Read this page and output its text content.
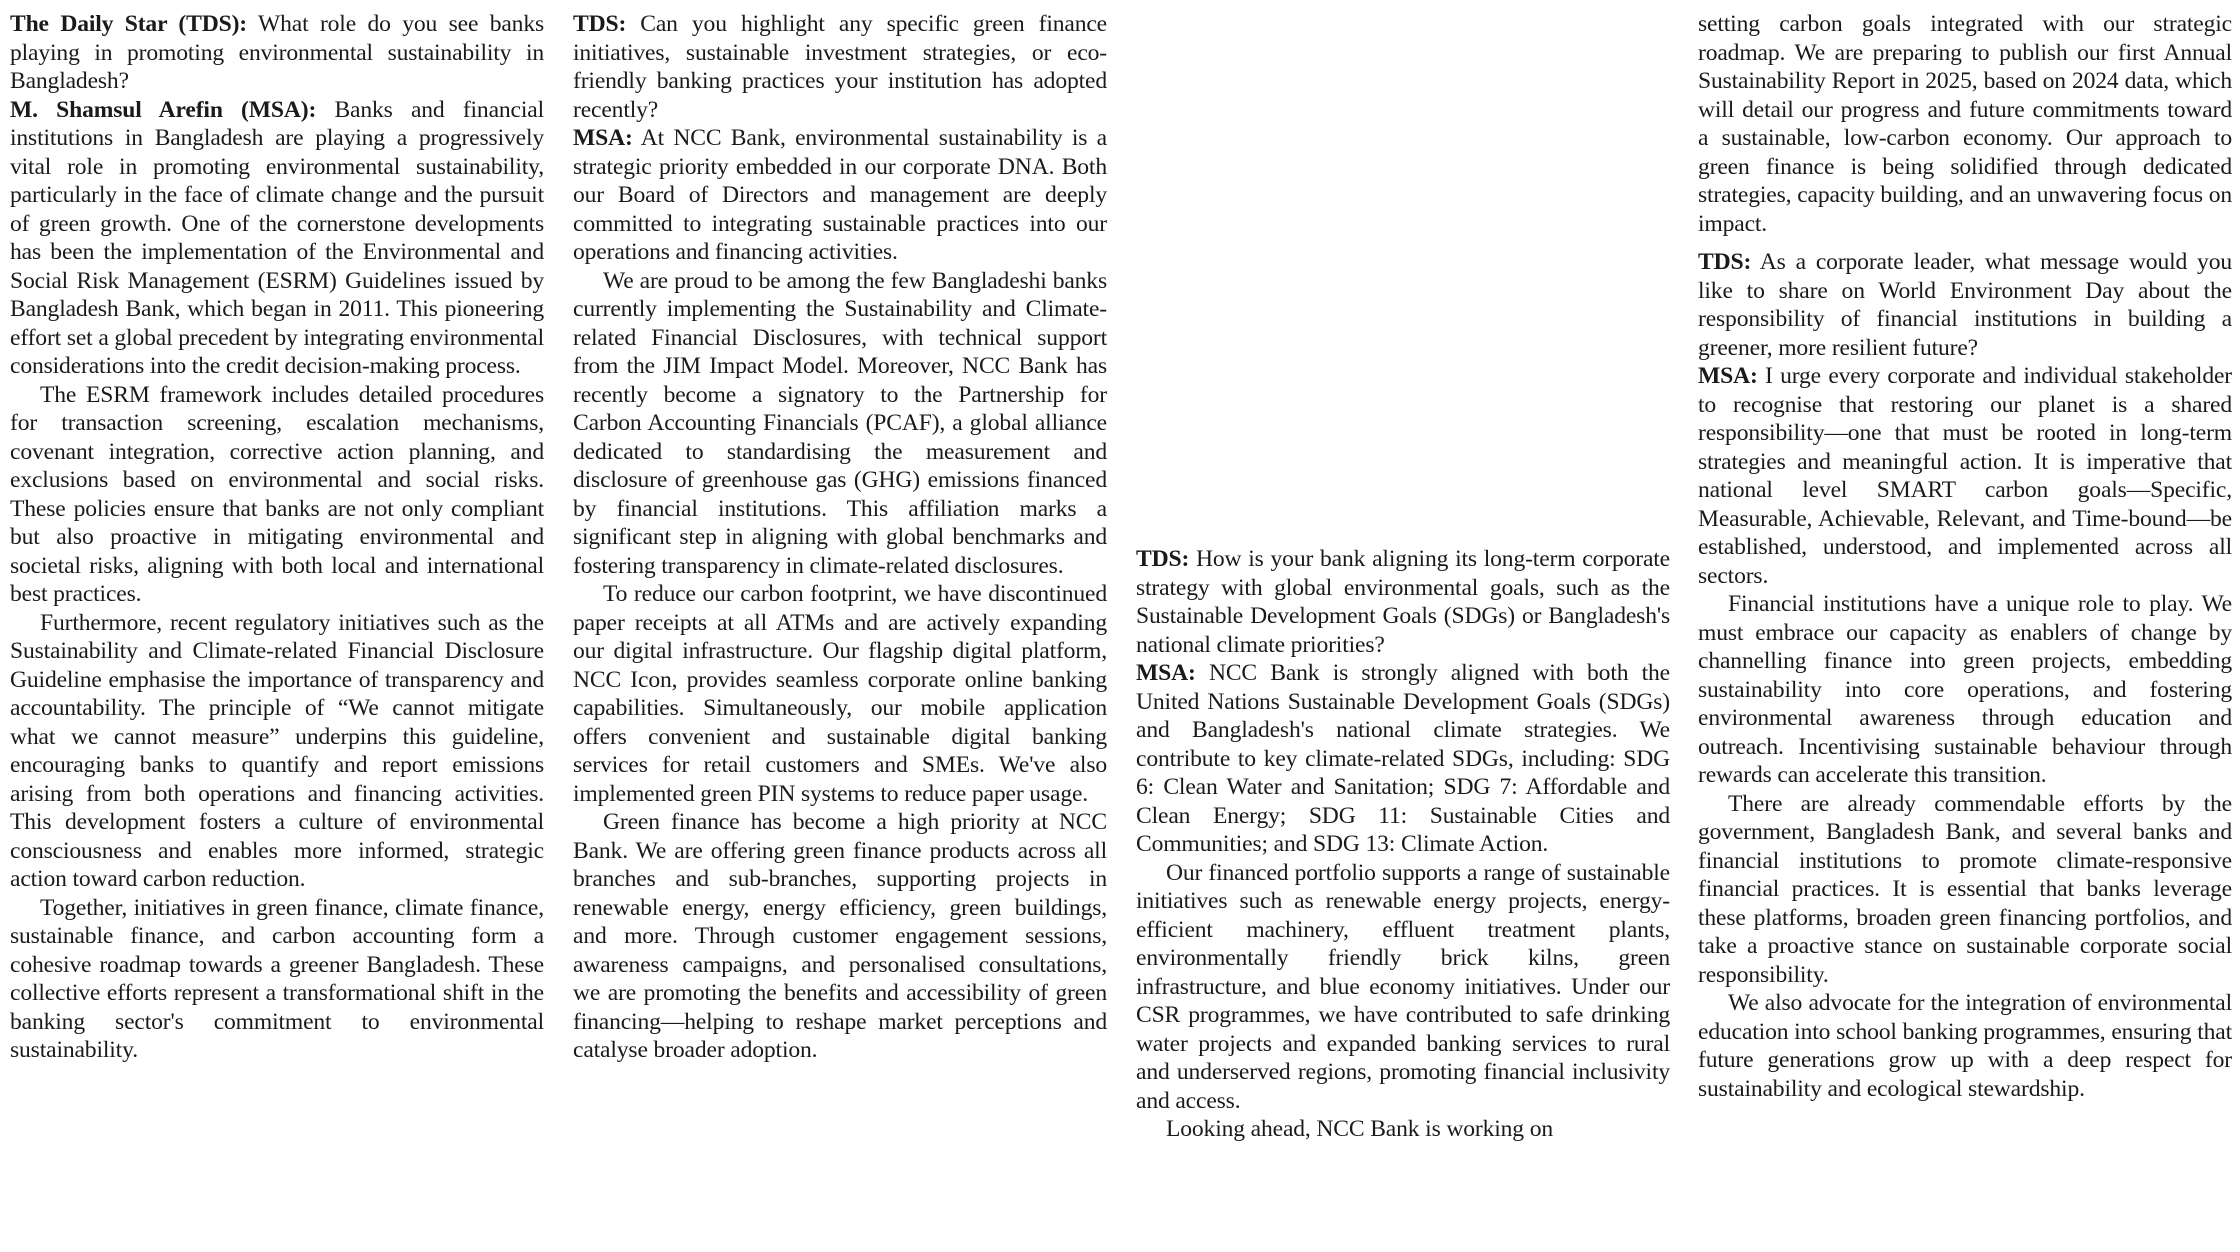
The Daily Star (TDS): What role do you see banks playing in promoting environmental sustainability in Bangladesh?

M. Shamsul Arefin (MSA): Banks and financial institutions in Bangladesh are playing a progressively vital role in promoting environmental sustainability, particularly in the face of climate change and the pursuit of green growth. One of the cornerstone developments has been the implementation of the Environmental and Social Risk Management (ESRM) Guidelines issued by Bangladesh Bank, which began in 2011. This pioneering effort set a global precedent by integrating environmental considerations into the credit decision-making process.

The ESRM framework includes detailed procedures for transaction screening, escalation mechanisms, covenant integration, corrective action planning, and exclusions based on environmental and social risks. These policies ensure that banks are not only compliant but also proactive in mitigating environmental and societal risks, aligning with both local and international best practices.

Furthermore, recent regulatory initiatives such as the Sustainability and Climate-related Financial Disclosure Guideline emphasise the importance of transparency and accountability. The principle of “We cannot mitigate what we cannot measure” underpins this guideline, encouraging banks to quantify and report emissions arising from both operations and financing activities. This development fosters a culture of environmental consciousness and enables more informed, strategic action toward carbon reduction.

Together, initiatives in green finance, climate finance, sustainable finance, and carbon accounting form a cohesive roadmap towards a greener Bangladesh. These collective efforts represent a transformational shift in the banking sector's commitment to environmental sustainability.

TDS: Can you highlight any specific green finance initiatives, sustainable investment strategies, or eco-friendly banking practices your institution has adopted recently?

MSA: At NCC Bank, environmental sustainability is a strategic priority embedded in our corporate DNA. Both our Board of Directors and management are deeply committed to integrating sustainable practices into our operations and financing activities.

We are proud to be among the few Bangladeshi banks currently implementing the Sustainability and Climate-related Financial Disclosures, with technical support from the JIM Impact Model. Moreover, NCC Bank has recently become a signatory to the Partnership for Carbon Accounting Financials (PCAF), a global alliance dedicated to standardising the measurement and disclosure of greenhouse gas (GHG) emissions financed by financial institutions. This affiliation marks a significant step in aligning with global benchmarks and fostering transparency in climate-related disclosures.

To reduce our carbon footprint, we have discontinued paper receipts at all ATMs and are actively expanding our digital infrastructure. Our flagship digital platform, NCC Icon, provides seamless corporate online banking capabilities. Simultaneously, our mobile application offers convenient and sustainable digital banking services for retail customers and SMEs. We've also implemented green PIN systems to reduce paper usage.

Green finance has become a high priority at NCC Bank. We are offering green finance products across all branches and sub-branches, supporting projects in renewable energy, energy efficiency, green buildings, and more. Through customer engagement sessions, awareness campaigns, and personalised consultations, we are promoting the benefits and accessibility of green financing—helping to reshape market perceptions and catalyse broader adoption.

TDS: How is your bank aligning its long-term corporate strategy with global environmental goals, such as the Sustainable Development Goals (SDGs) or Bangladesh's national climate priorities?

MSA: NCC Bank is strongly aligned with both the United Nations Sustainable Development Goals (SDGs) and Bangladesh's national climate strategies. We contribute to key climate-related SDGs, including: SDG 6: Clean Water and Sanitation; SDG 7: Affordable and Clean Energy; SDG 11: Sustainable Cities and Communities; and SDG 13: Climate Action.

Our financed portfolio supports a range of sustainable initiatives such as renewable energy projects, energy-efficient machinery, effluent treatment plants, environmentally friendly brick kilns, green infrastructure, and blue economy initiatives. Under our CSR programmes, we have contributed to safe drinking water projects and expanded banking services to rural and underserved regions, promoting financial inclusivity and access.

Looking ahead, NCC Bank is working on

setting carbon goals integrated with our strategic roadmap. We are preparing to publish our first Annual Sustainability Report in 2025, based on 2024 data, which will detail our progress and future commitments toward a sustainable, low-carbon economy. Our approach to green finance is being solidified through dedicated strategies, capacity building, and an unwavering focus on impact.

TDS: As a corporate leader, what message would you like to share on World Environment Day about the responsibility of financial institutions in building a greener, more resilient future?

MSA: I urge every corporate and individual stakeholder to recognise that restoring our planet is a shared responsibility—one that must be rooted in long-term strategies and meaningful action. It is imperative that national level SMART carbon goals—Specific, Measurable, Achievable, Relevant, and Time-bound—be established, understood, and implemented across all sectors.

Financial institutions have a unique role to play. We must embrace our capacity as enablers of change by channelling finance into green projects, embedding sustainability into core operations, and fostering environmental awareness through education and outreach. Incentivising sustainable behaviour through rewards can accelerate this transition.

There are already commendable efforts by the government, Bangladesh Bank, and several banks and financial institutions to promote climate-responsive financial practices. It is essential that banks leverage these platforms, broaden green financing portfolios, and take a proactive stance on sustainable corporate social responsibility.

We also advocate for the integration of environmental education into school banking programmes, ensuring that future generations grow up with a deep respect for sustainability and ecological stewardship.
